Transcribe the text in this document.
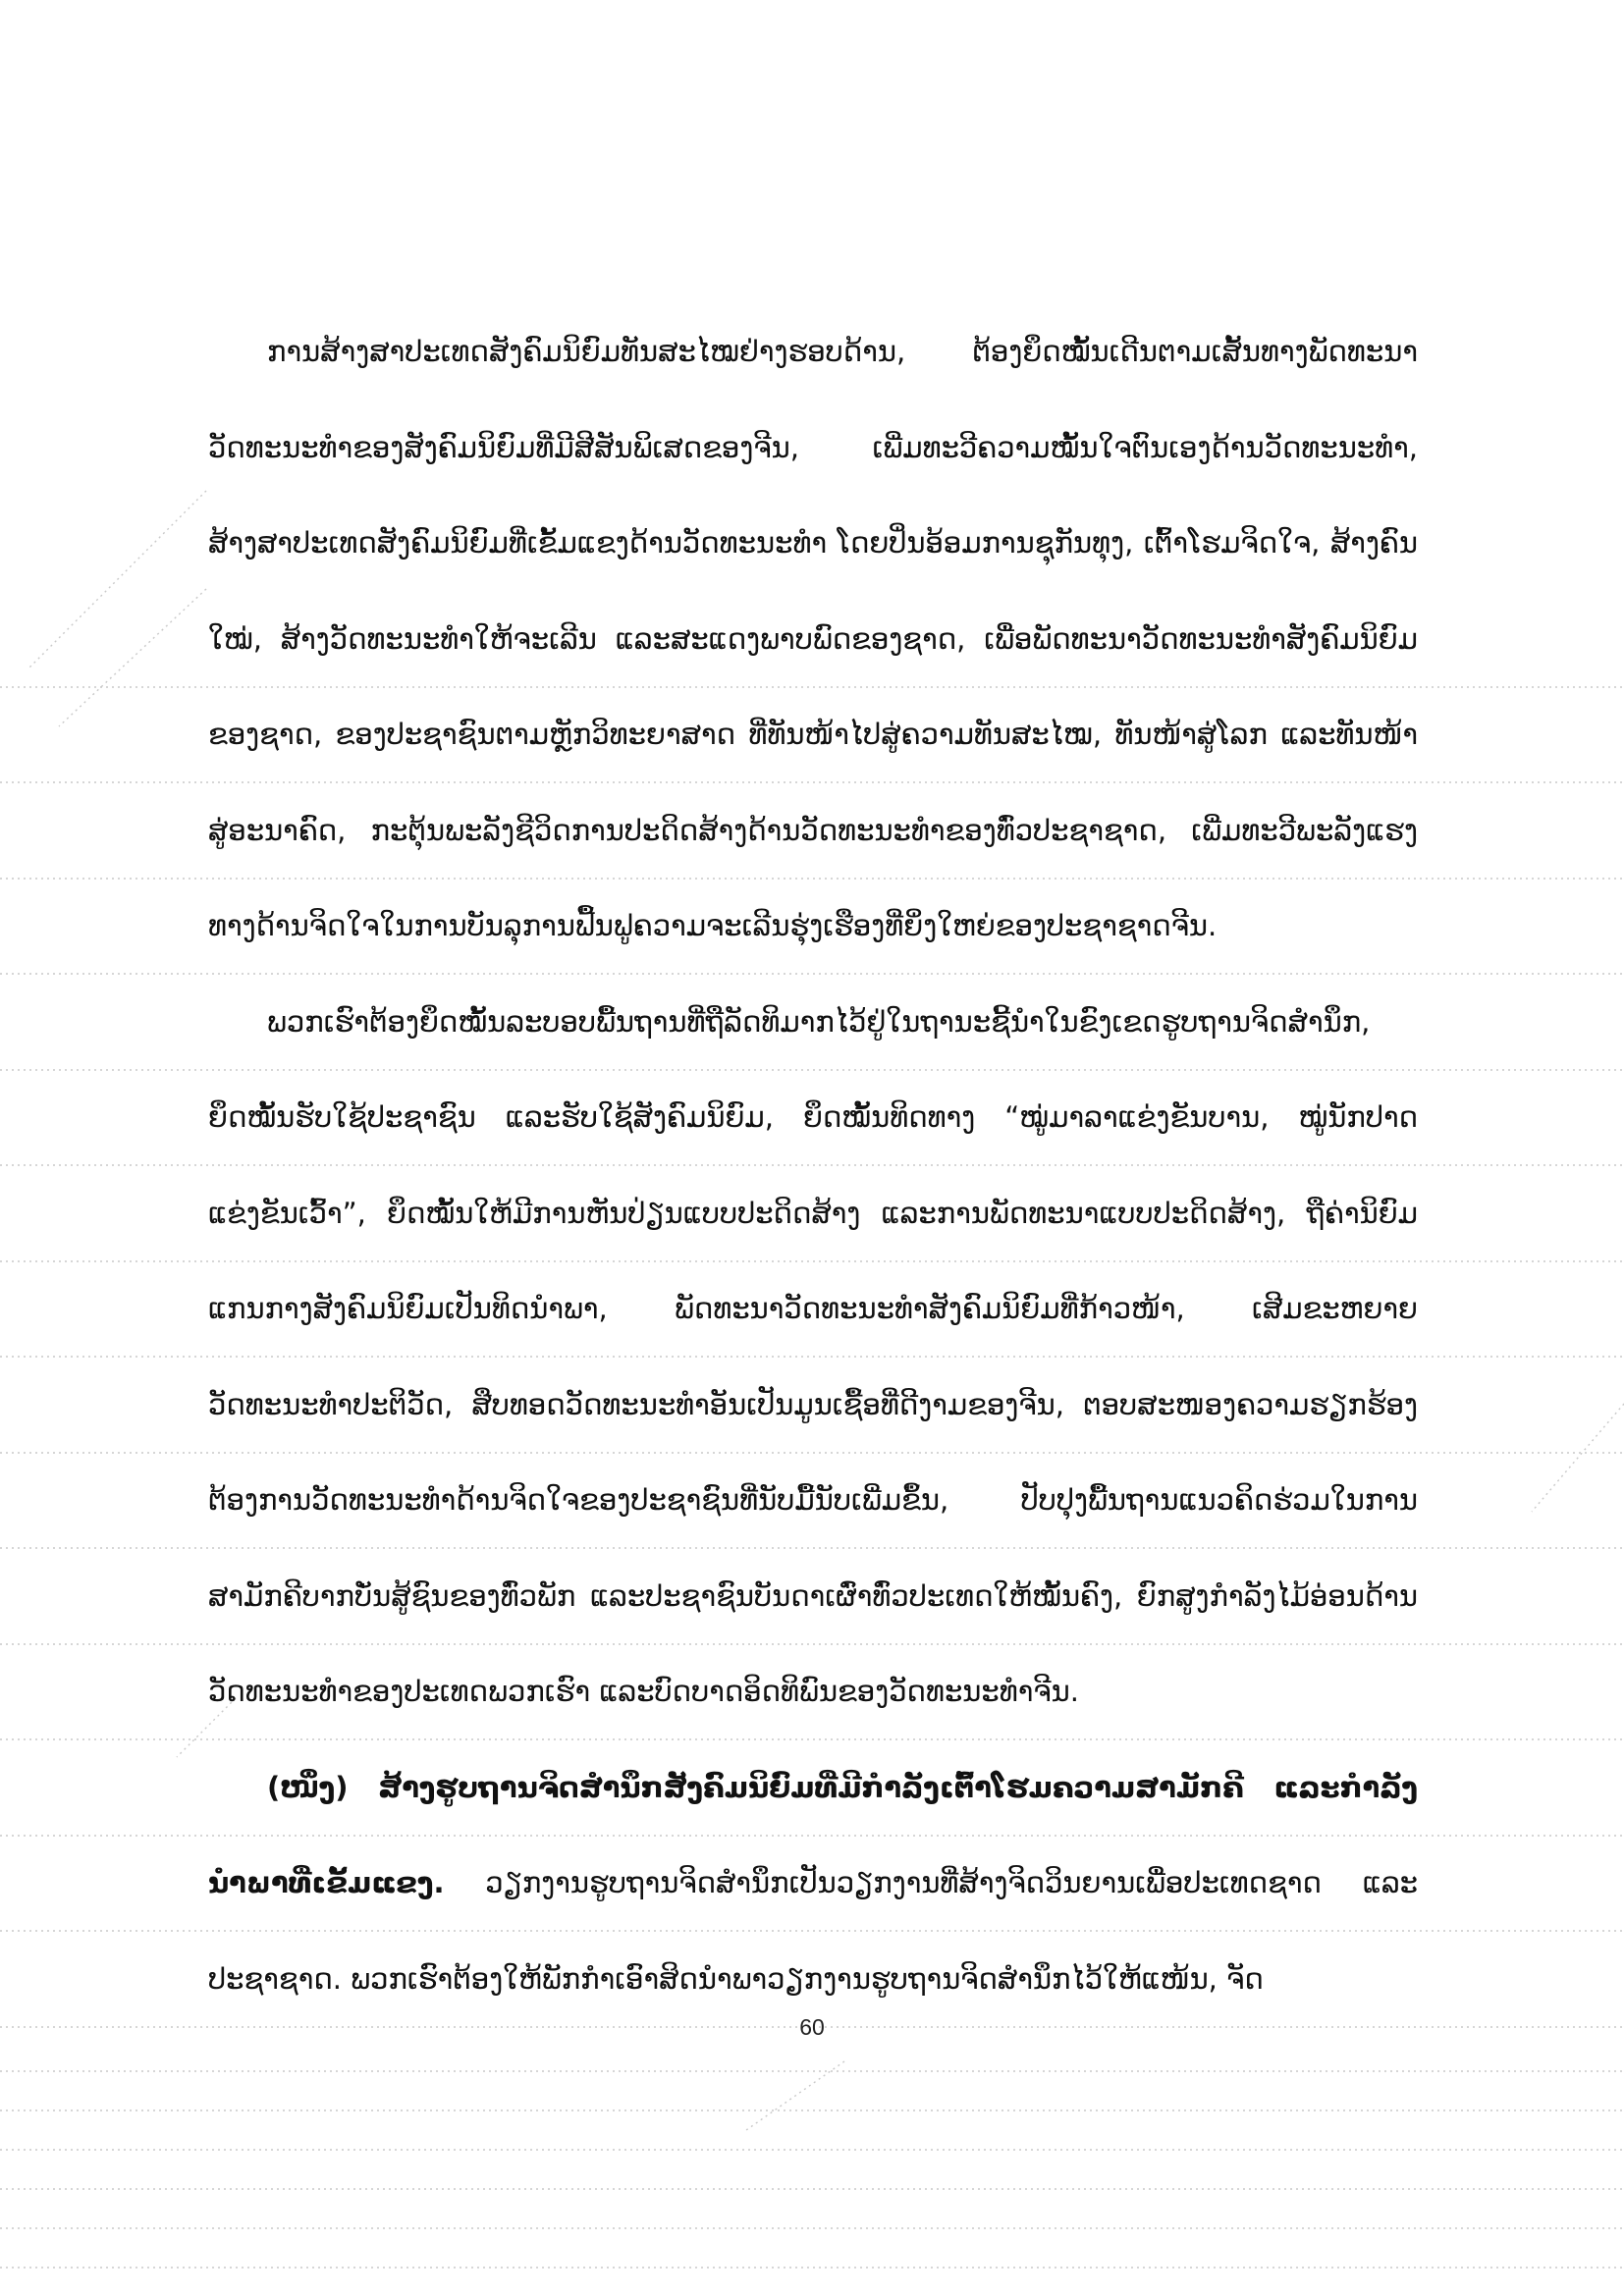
ການສ້າງສາປະເທດສັງຄົມນິຍົມທັນສະໄໝຢ່າງຮອບດ້ານ, ຕ້ອງຍຶດໝັ້ນເດີນຕາມເສັ້ນທາງພັດທະນາວັດທະນະທຳຂອງສັງຄົມນິຍົມທີ່ມີສີສັນພິເສດຂອງຈີນ, ເພີ່ມທະວີຄວາມໝັ້ນໃຈຕົນເອງດ້ານວັດທະນະທຳ, ສ້າງສາປະເທດສັງຄົມນິຍົມທີ່ເຂັ້ມແຂງດ້ານວັດທະນະທຳ ໂດຍປິ່ນອ້ອມການຊຸກັນທຸງ, ເຕົ້າໂຮມຈິດໃຈ, ສ້າງຄົນໃໝ່, ສ້າງວັດທະນະທຳໃຫ້ຈະເລີນ ແລະສະແດງພາບພົດຂອງຊາດ, ເພື່ອພັດທະນາວັດທະນະທຳສັງຄົມນິຍົມຂອງຊາດ, ຂອງປະຊາຊົນຕາມຫຼັກວິທະຍາສາດ ທີ່ທັນໜ້າໄປສູ່ຄວາມທັນສະໄໝ, ທັນໜ້າສູ່ໂລກ ແລະທັນໜ້າສູ່ອະນາຄົດ, ກະຕຸ້ນພະລັງຊີວິດການປະດິດສ້າງດ້ານວັດທະນະທຳຂອງທົ່ວປະຊາຊາດ, ເພີ່ມທະວີພະລັງແຮງທາງດ້ານຈິດໃຈໃນການບັນລຸການຟື້ນຟູຄວາມຈະເລີນຮຸ່ງເຮືອງທີ່ຍິ່ງໃຫຍ່ຂອງປະຊາຊາດຈີນ.

ພວກເຮົາຕ້ອງຍຶດໝັ້ນລະບອບພື້ນຖານທີ່ຖືລັດທິມາກໄວ້ຢູ່ໃນຖານະຊີ້ນຳໃນຂົງເຂດຮູບຖານຈິດສຳນຶກ, ຍຶດໝັ້ນຮັບໃຊ້ປະຊາຊົນ ແລະຮັບໃຊ້ສັງຄົມນິຍົມ, ຍຶດໝັ້ນທິດທາງ “ໝູ່ມາລາແຂ່ງຂັນບານ, ໝູ່ນັກປາດແຂ່ງຂັນເວົ້າ”, ຍຶດໝັ້ນໃຫ້ມີການຫັນປ່ຽນແບບປະດິດສ້າງ ແລະການພັດທະນາແບບປະດິດສ້າງ, ຖືຄ່ານິຍົມແກນກາງສັງຄົມນິຍົມເປັນທິດນຳພາ, ພັດທະນາວັດທະນະທຳສັງຄົມນິຍົມທີ່ກ້າວໜ້າ, ເສີມຂະຫຍາຍວັດທະນະທຳປະຕິວັດ, ສືບທອດວັດທະນະທຳອັນເປັນມູນເຊື້ອທີ່ດີງາມຂອງຈີນ, ຕອບສະໜອງຄວາມຮຽກຮ້ອງຕ້ອງການວັດທະນະທຳດ້ານຈິດໃຈຂອງປະຊາຊົນທີ່ນັບມື້ນັບເພີ່ມຂຶ້ນ, ປັບປຸງພື້ນຖານແນວຄິດຮ່ວມໃນການສາມັກຄີບາກບັ່ນສູ້ຊົນຂອງທົ່ວພັກ ແລະປະຊາຊົນບັນດາເຜົ່າທົ່ວປະເທດໃຫ້ໝັ້ນຄົງ, ຍົກສູງກຳລັງໄມ້ອ່ອນດ້ານວັດທະນະທຳຂອງປະເທດພວກເຮົາ ແລະບົດບາດອິດທິພົນຂອງວັດທະນະທຳຈີນ.

(ໜຶ່ງ) ສ້າງຮູບຖານຈິດສຳນຶກສັງຄົມນິຍົມທີ່ມີກຳລັງເຕົ້າໂຮມຄວາມສາມັກຄີ ແລະກຳລັງນຳພາທີ່ເຂັ້ມແຂງ. ວຽກງານຮູບຖານຈິດສຳນຶກເປັນວຽກງານທີ່ສ້າງຈິດວິນຍານເພື່ອປະເທດຊາດ ແລະປະຊາຊາດ. ພວກເຮົາຕ້ອງໃຫ້ພັກກຳເອົາສິດນຳພາວຽກງານຮູບຖານຈິດສຳນຶກໄວ້ໃຫ້ແໜ້ນ, ຈັດ

60
